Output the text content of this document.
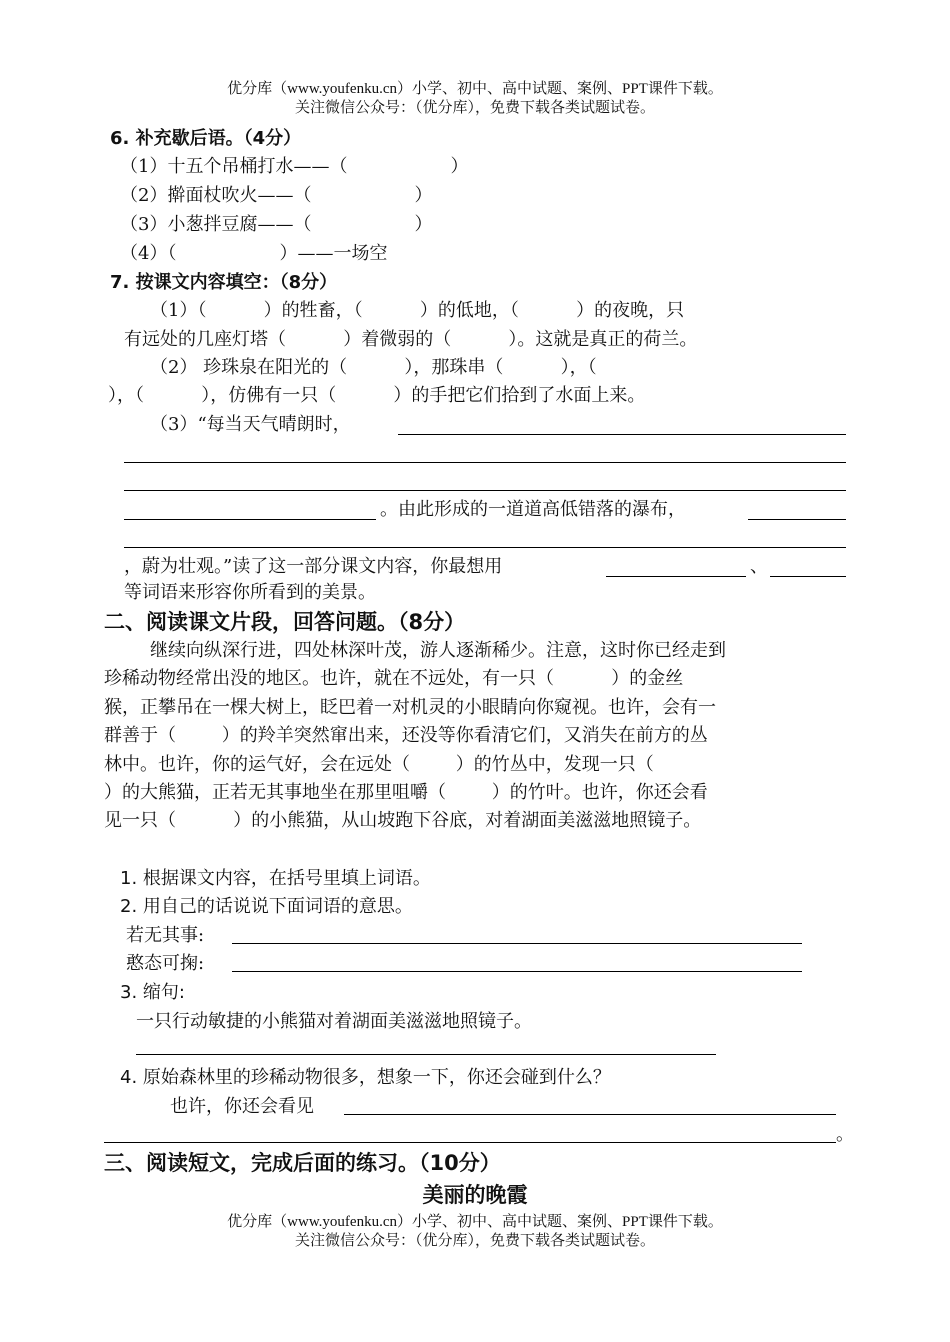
优分库（www.youfenku.cn）小学、初中、高中试题、案例、PPT课件下载。
关注微信公众号：（优分库），免费下载各类试题试卷。
6. 补充歇后语。（4分）
（1）十五个吊桶打水——（                  ）
（2）擀面杖吹火——（                  ）
（3）小葱拌豆腐——（                  ）
（4）（                  ）——一场空
7. 按课文内容填空：（8分）
（1）（          ）的牲畜，（          ）的低地，（          ）的夜晚，只
有远处的几座灯塔（          ）着微弱的（          ）。这就是真正的荷兰。
（2） 珍珠泉在阳光的（          ），那珠串（          ），（
），（          ），仿佛有一只（          ）的手把它们拾到了水面上来。
（3）“每当天气晴朗时，
。由此形成的一道道高低错落的瀑布，
，蔚为壮观。”读了这一部分课文内容，你最想用	、
等词语来形容你所看到的美景。
二、阅读课文片段，回答问题。（8分）
继续向纵深行进，四处林深叶茂，游人逐渐稀少。注意，这时你已经走到
珍稀动物经常出没的地区。也许，就在不远处，有一只（          ）的金丝
猴，正攀吊在一棵大树上，眨巴着一对机灵的小眼睛向你窥视。也许，会有一
群善于（        ）的羚羊突然窜出来，还没等你看清它们，又消失在前方的丛
林中。也许，你的运气好，会在远处（        ）的竹丛中，发现一只（
）的大熊猫，正若无其事地坐在那里咀嚼（        ）的竹叶。也许，你还会看
见一只（          ）的小熊猫，从山坡跑下谷底，对着湖面美滋滋地照镜子。
1. 根据课文内容，在括号里填上词语。
2. 用自己的话说说下面词语的意思。
若无其事:
憨态可掬:
3. 缩句:
一只行动敏捷的小熊猫对着湖面美滋滋地照镜子。
4. 原始森林里的珍稀动物很多，想象一下，你还会碰到什么？
也许，你还会看见
。
三、阅读短文，完成后面的练习。（10分）
美丽的晚霞
优分库（www.youfenku.cn）小学、初中、高中试题、案例、PPT课件下载。
关注微信公众号：（优分库），免费下载各类试题试卷。
